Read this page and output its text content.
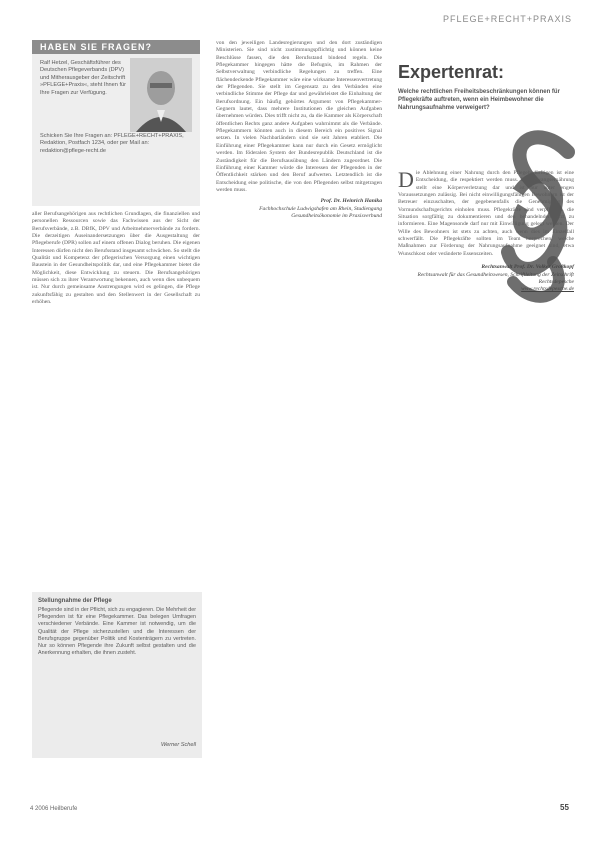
PFLEGE+RECHT+PRAXIS
HABEN SIE FRAGEN?
Ralf Hetzel, Geschäftsführer des Deutschen Pflegeverbands (DPV) und Mitherausgeber der Zeitschrift »PFLEGE+Praxis«, steht Ihnen für Ihre Fragen zur Verfügung.
Schicken Sie Ihre Fragen an: PFLEGE+RECHT+PRAXIS, Redaktion, Postfach 1234, oder per Mail an: redaktion@pflege-recht.de
aller Berufsangehörigen aus rechtlichen Grundlagen, die finanziellen und personellen Ressourcen sowie das Fachwissen aus der Sicht der Berufsverbände, z.B. DBfK, DPV und Arbeitnehmerverbände zu fordern. Die derzeitigen Auseinandersetzungen über die Ausgestaltung der Pflegeberufe (DPR) sollen auf einem offenen Dialog beruhen. Die eigenen Interessen dürfen nicht den Berufsstand insgesamt schwächen. So stellt die Qualität und Kompetenz der pflegerischen Versorgung einen wichtigen Baustein in der Gesundheitspolitik dar, und eine Pflegekammer bietet die Möglichkeit, diese Entwicklung zu steuern. Die Berufsangehörigen müssen sich zu ihrer Verantwortung bekennen, auch wenn dies unbequem ist. Nur durch gemeinsame Anstrengungen wird es gelingen, die Pflege zukunftsfähig zu gestalten und den Stellenwert in der Gesellschaft zu erhöhen.
von den jeweiligen Landesregierungen und den dort zuständigen Ministerien. Sie sind nicht zustimmungspflichtig und können keine Beschlüsse fassen, die den Berufsstand bindend regeln. Die Pflegekammer hingegen hätte die Befugnis, im Rahmen der Selbstverwaltung verbindliche Regelungen zu treffen. Eine flächendeckende Pflegekammer wäre eine wirksame Interessenvertretung der Pflegenden. Sie stellt im Gegensatz zu den Verbänden eine verbindliche Stimme der Pflege dar und gewährleistet die Einhaltung der Berufsordnung. Ein häufig gehörtes Argument von Pflegekammer-Gegnern lautet, dass mehrere Institutionen die gleichen Aufgaben übernehmen würden. Dies trifft nicht zu, da die Kammer als Körperschaft öffentlichen Rechts ganz andere Aufgaben wahrnimmt als die Verbände. Pflegekammern könnten auch in diesem Bereich ein positives Signal setzen. In vielen Nachbarländern sind sie seit Jahren etabliert. Die Einführung einer Pflegekammer kann nur durch ein Gesetz ermöglicht werden. Im föderalen System der Bundesrepublik Deutschland ist die Zuständigkeit für die Berufsausübung den Ländern zugeordnet. Die Einführung einer Kammer würde die Interessen der Pflegenden in der Öffentlichkeit stärken und den Beruf aufwerten. Letztendlich ist die Entscheidung eine politische, die von den Pflegenden selbst mitgetragen werden muss.
Prof. Dr. Heinrich Hanika
Fachhochschule Ludwigshafen am Rhein, Studiengang Gesundheitsökonomie im Praxisverbund
Expertenrat:
Welche rechtlichen Freiheitsbeschränkungen können für Pflegekräfte auftreten, wenn ein Heimbewohner die Nahrungsaufnahme verweigert?
D ie Ablehnung einer Nahrung durch den Pflegebedürftigen ist eine Entscheidung, die respektiert werden muss. Eine Zwangsernährung stellt eine Körperverletzung dar und ist nur unter engen Voraussetzungen zulässig. Bei nicht einwilligungsfähigen Bewohnern ist der Betreuer einzuschalten, der gegebenenfalls die Genehmigung des Vormundschaftsgerichts einholen muss. Pflegekräfte sind verpflichtet, die Situation sorgfältig zu dokumentieren und den behandelnden Arzt zu informieren. Eine Magensonde darf nur mit Einwilligung gelegt werden. Der Wille des Bewohners ist stets zu achten, auch wenn dies im Einzelfall schwerfällt. Die Pflegekräfte sollten im Team besprechen, welche Maßnahmen zur Förderung der Nahrungsaufnahme geeignet sind, etwa Wunschkost oder veränderte Essenszeiten.
Rechtsanwalt Prof. Dr. Volker Großkopf
Rechtsanwalt für das Gesundheitswesen, Schriftleitung der Zeitschrift Rechtsdepesche
www.rechtsdepesche.de
Stellungnahme der Pflege
Pflegende sind in der Pflicht, sich zu engagieren. Die Mehrheit der Pflegenden ist für eine Pflegekammer. Das belegen Umfragen verschiedener Verbände. Eine Kammer ist notwendig, um die Qualität der Pflege sicherzustellen und die Interessen der Berufsgruppe gegenüber Politik und Kostenträgern zu vertreten. Nur so können Pflegende ihre Zukunft selbst gestalten und die Anerkennung erhalten, die ihnen zusteht.
Werner Schell
4 2006 Heilberufe	55
